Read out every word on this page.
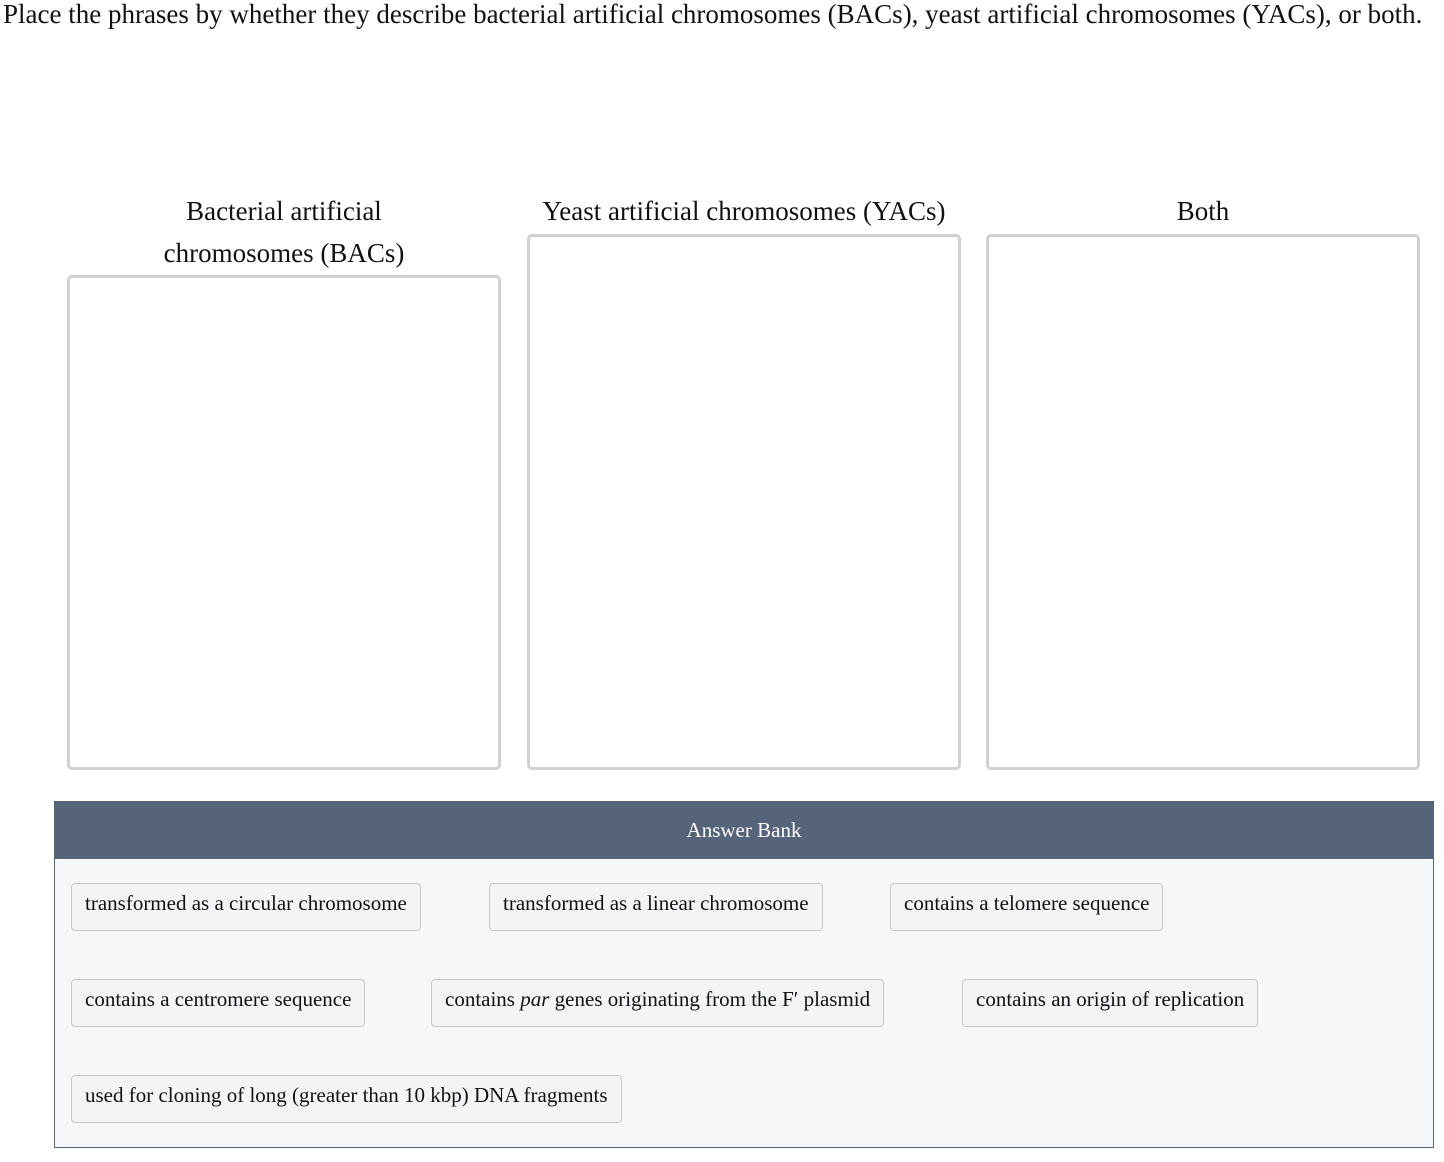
Place the phrases by whether they describe bacterial artificial chromosomes (BACs), yeast artificial chromosomes (YACs), or both.

Bacterial artificial
chromosomes (BACs)
Yeast artificial chromosomes (YACs)	Both
Answer Bank
transformed as a circular chromosome	transformed as a linear chromosome	contains a telomere sequence
contains a centromere sequence	contains par genes originating from the F′ plasmid	contains an origin of replication
used for cloning of long (greater than 10 kbp) DNA fragments
